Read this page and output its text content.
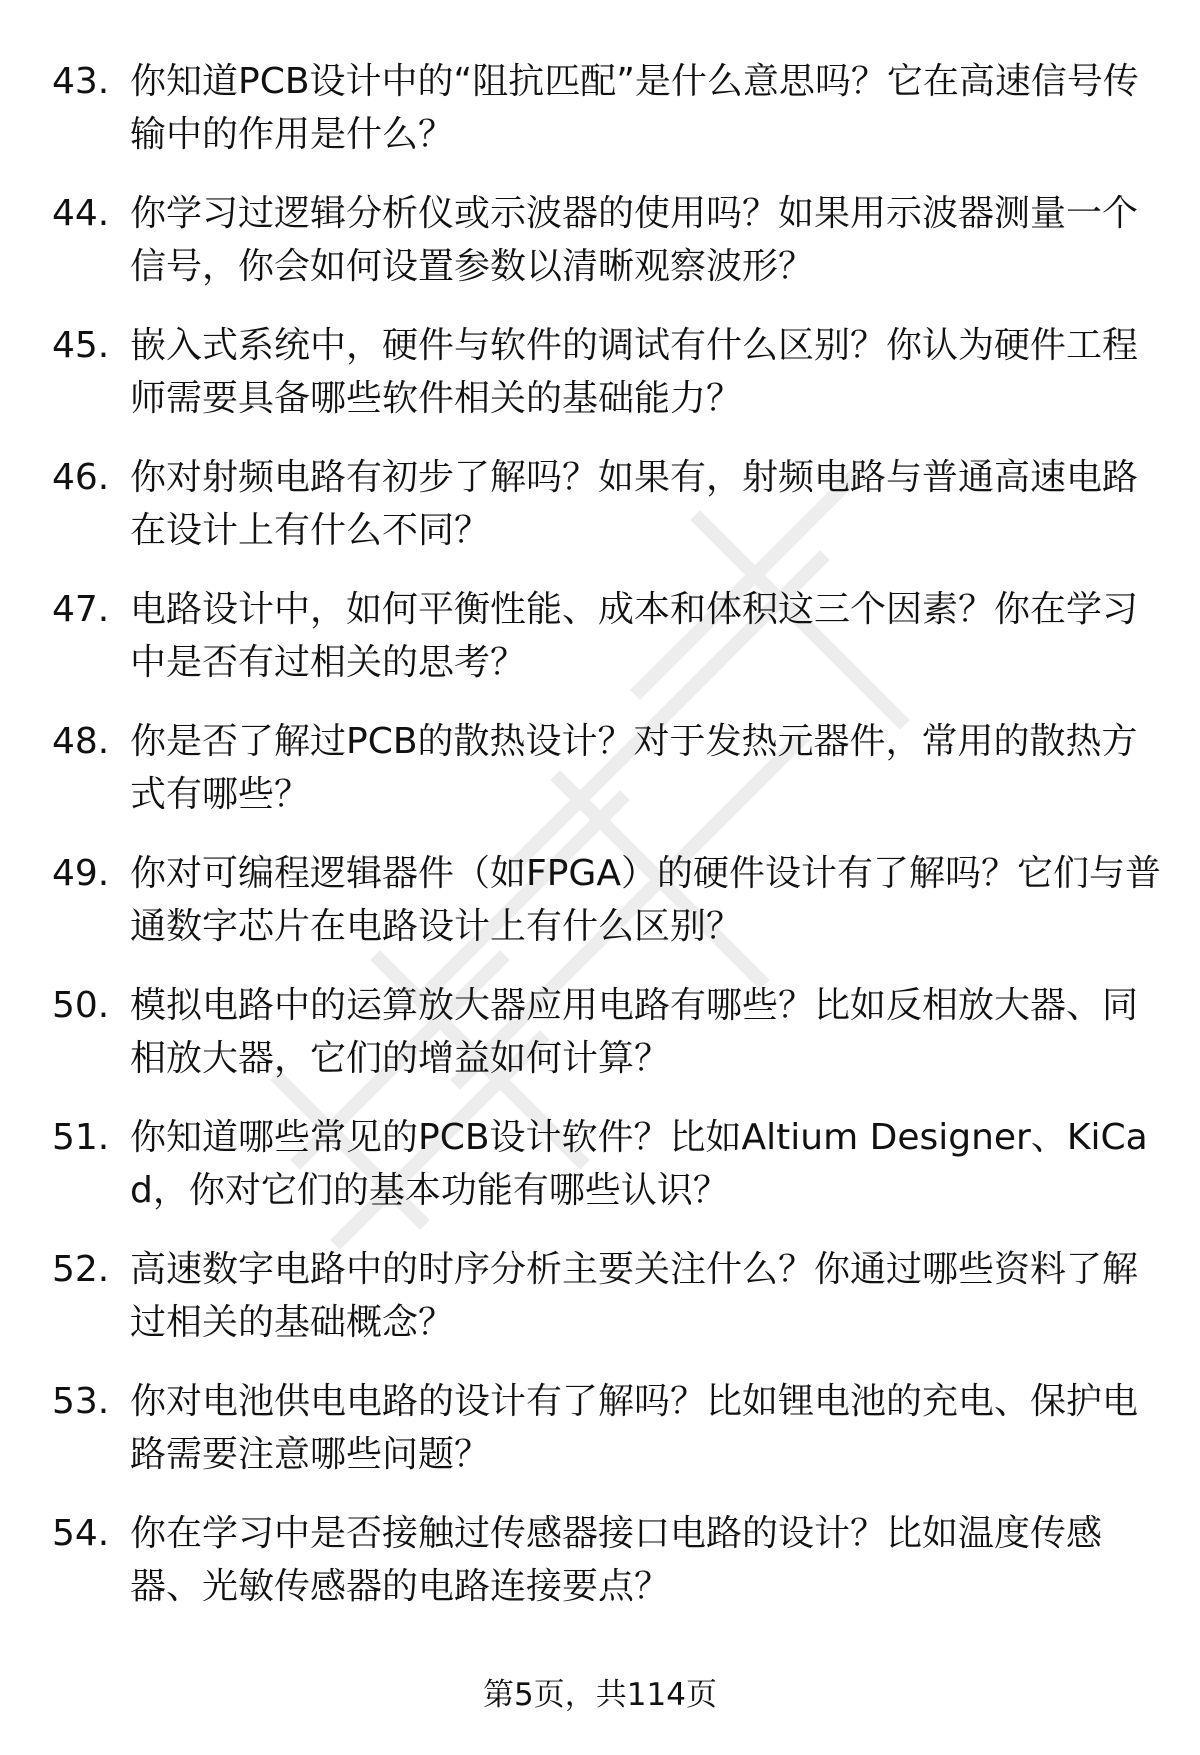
43. 你知道PCB设计中的“阻抗匹配”是什么意思吗？它在高速信号传输中的作用是什么？
44. 你学习过逻辑分析仪或示波器的使用吗？如果用示波器测量一个信号，你会如何设置参数以清晰观察波形？
45. 嵌入式系统中，硬件与软件的调试有什么区别？你认为硬件工程师需要具备哪些软件相关的基础能力？
46. 你对射频电路有初步了解吗？如果有，射频电路与普通高速电路在设计上有什么不同？
47. 电路设计中，如何平衡性能、成本和体积这三个因素？你在学习中是否有过相关的思考？
48. 你是否了解过PCB的散热设计？对于发热元器件，常用的散热方式有哪些？
49. 你对可编程逻辑器件（如FPGA）的硬件设计有了解吗？它们与普通数字芯片在电路设计上有什么区别？
50. 模拟电路中的运算放大器应用电路有哪些？比如反相放大器、同相放大器，它们的增益如何计算？
51. 你知道哪些常见的PCB设计软件？比如Altium Designer、KiCad，你对它们的基本功能有哪些认识？
52. 高速数字电路中的时序分析主要关注什么？你通过哪些资料了解过相关的基础概念？
53. 你对电池供电电路的设计有了解吗？比如锂电池的充电、保护电路需要注意哪些问题？
54. 你在学习中是否接触过传感器接口电路的设计？比如温度传感器、光敏传感器的电路连接要点？
第5页，共114页
